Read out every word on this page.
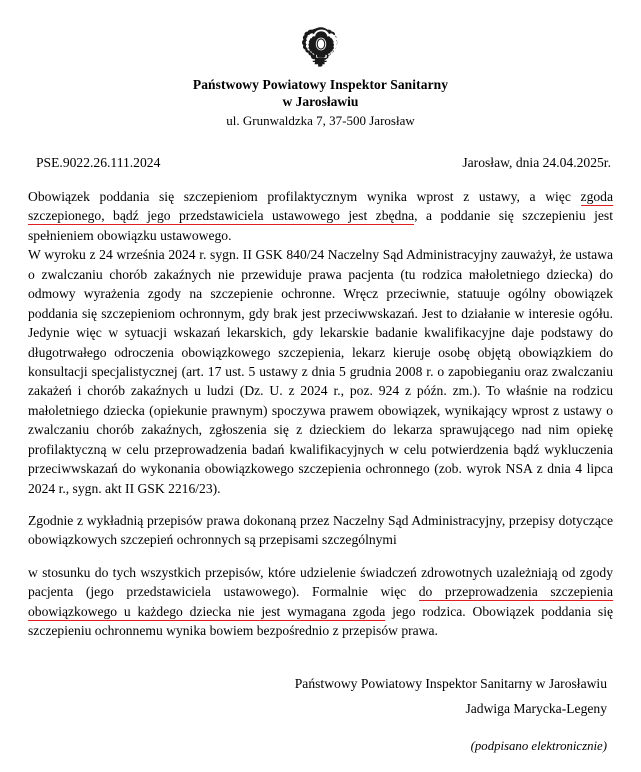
Państwowy Powiatowy Inspektor Sanitarny
w Jarosławiu
ul. Grunwaldzka 7, 37-500 Jarosław
PSE.9022.26.111.2024	Jarosław, dnia 24.04.2025r.

Obowiązek poddania się szczepieniom profilaktycznym wynika wprost z ustawy, a więc zgoda szczepionego, bądź jego przedstawiciela ustawowego jest zbędna, a poddanie się szczepieniu jest spełnieniem obowiązku ustawowego.

W wyroku z 24 września 2024 r. sygn. II GSK 840/24 Naczelny Sąd Administracyjny zauważył, że ustawa o zwalczaniu chorób zakaźnych nie przewiduje prawa pacjenta (tu rodzica małoletniego dziecka) do odmowy wyrażenia zgody na szczepienie ochronne. Wręcz przeciwnie, statuuje ogólny obowiązek poddania się szczepieniom ochronnym, gdy brak jest przeciwwskazań. Jest to działanie w interesie ogółu. Jedynie więc w sytuacji wskazań lekarskich, gdy lekarskie badanie kwalifikacyjne daje podstawy do długotrwałego odroczenia obowiązkowego szczepienia, lekarz kieruje osobę objętą obowiązkiem do konsultacji specjalistycznej (art. 17 ust. 5 ustawy z dnia 5 grudnia 2008 r. o zapobieganiu oraz zwalczaniu zakażeń i chorób zakaźnych u ludzi (Dz. U. z 2024 r., poz. 924 z późn. zm.). To właśnie na rodzicu małoletniego dziecka (opiekunie prawnym) spoczywa prawem obowiązek, wynikający wprost z ustawy o zwalczaniu chorób zakaźnych, zgłoszenia się z dzieckiem do lekarza sprawującego nad nim opiekę profilaktyczną w celu przeprowadzenia badań kwalifikacyjnych w celu potwierdzenia bądź wykluczenia przeciwwskazań do wykonania obowiązkowego szczepienia ochronnego (zob. wyrok NSA z dnia 4 lipca 2024 r., sygn. akt II GSK 2216/23).

Zgodnie z wykładnią przepisów prawa dokonaną przez Naczelny Sąd Administracyjny, przepisy dotyczące obowiązkowych szczepień ochronnych są przepisami szczególnymi

w stosunku do tych wszystkich przepisów, które udzielenie świadczeń zdrowotnych uzależniają od zgody pacjenta (jego przedstawiciela ustawowego). Formalnie więc do przeprowadzenia szczepienia obowiązkowego u każdego dziecka nie jest wymagana zgoda jego rodzica. Obowiązek poddania się szczepieniu ochronnemu wynika bowiem bezpośrednio z przepisów prawa.

Państwowy Powiatowy Inspektor Sanitarny w Jarosławiu
Jadwiga Marycka-Legeny
(podpisano elektronicznie)
